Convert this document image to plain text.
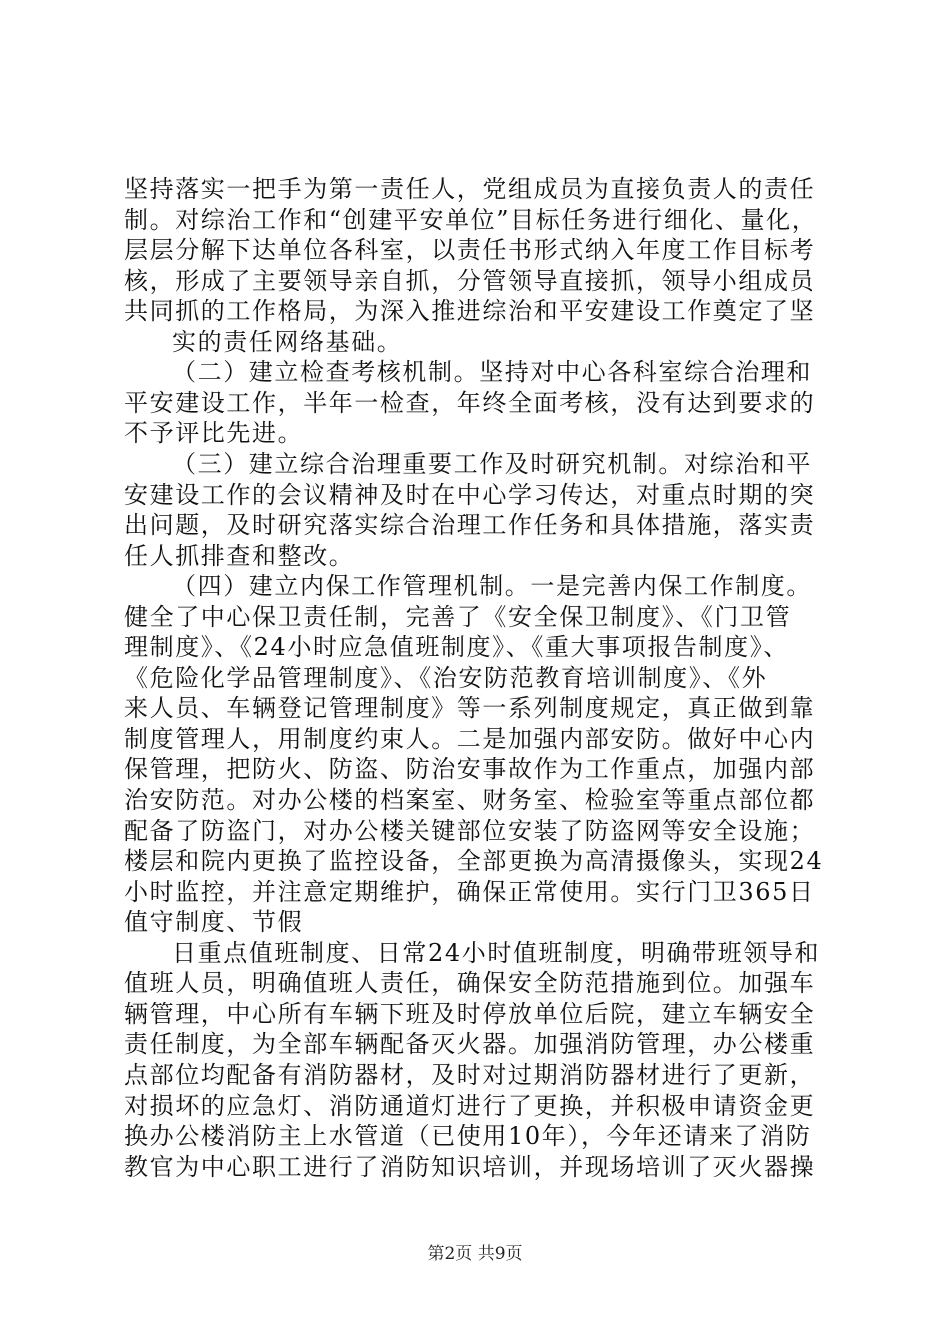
第2页 共9页
坚持落实一把手为第一责任人，党组成员为直接负责人的责任
制。对综治工作和“创建平安单位”目标任务进行细化、量化，
层层分解下达单位各科室，以责任书形式纳入年度工作目标考
核，形成了主要领导亲自抓，分管领导直接抓，领导小组成员
共同抓的工作格局，为深入推进综治和平安建设工作奠定了坚
实的责任网络基础。
（二）建立检查考核机制。坚持对中心各科室综合治理和
平安建设工作，半年一检查，年终全面考核，没有达到要求的
不予评比先进。
（三）建立综合治理重要工作及时研究机制。对综治和平
安建设工作的会议精神及时在中心学习传达，对重点时期的突
出问题，及时研究落实综合治理工作任务和具体措施，落实责
任人抓排查和整改。
（四）建立内保工作管理机制。一是完善内保工作制度。
健全了中心保卫责任制，完善了《安全保卫制度》、《门卫管
理制度》、《24小时应急值班制度》、《重大事项报告制度》、
《危险化学品管理制度》、《治安防范教育培训制度》、《外
来人员、车辆登记管理制度》等一系列制度规定，真正做到靠
制度管理人，用制度约束人。二是加强内部安防。做好中心内
保管理，把防火、防盗、防治安事故作为工作重点，加强内部
治安防范。对办公楼的档案室、财务室、检验室等重点部位都
配备了防盗门，对办公楼关键部位安装了防盗网等安全设施；
楼层和院内更换了监控设备，全部更换为高清摄像头，实现24
小时监控，并注意定期维护，确保正常使用。实行门卫365日
值守制度、节假
日重点值班制度、日常24小时值班制度，明确带班领导和
值班人员，明确值班人责任，确保安全防范措施到位。加强车
辆管理，中心所有车辆下班及时停放单位后院，建立车辆安全
责任制度，为全部车辆配备灭火器。加强消防管理，办公楼重
点部位均配备有消防器材，及时对过期消防器材进行了更新，
对损坏的应急灯、消防通道灯进行了更换，并积极申请资金更
换办公楼消防主上水管道（已使用10年），今年还请来了消防
教官为中心职工进行了消防知识培训，并现场培训了灭火器操
